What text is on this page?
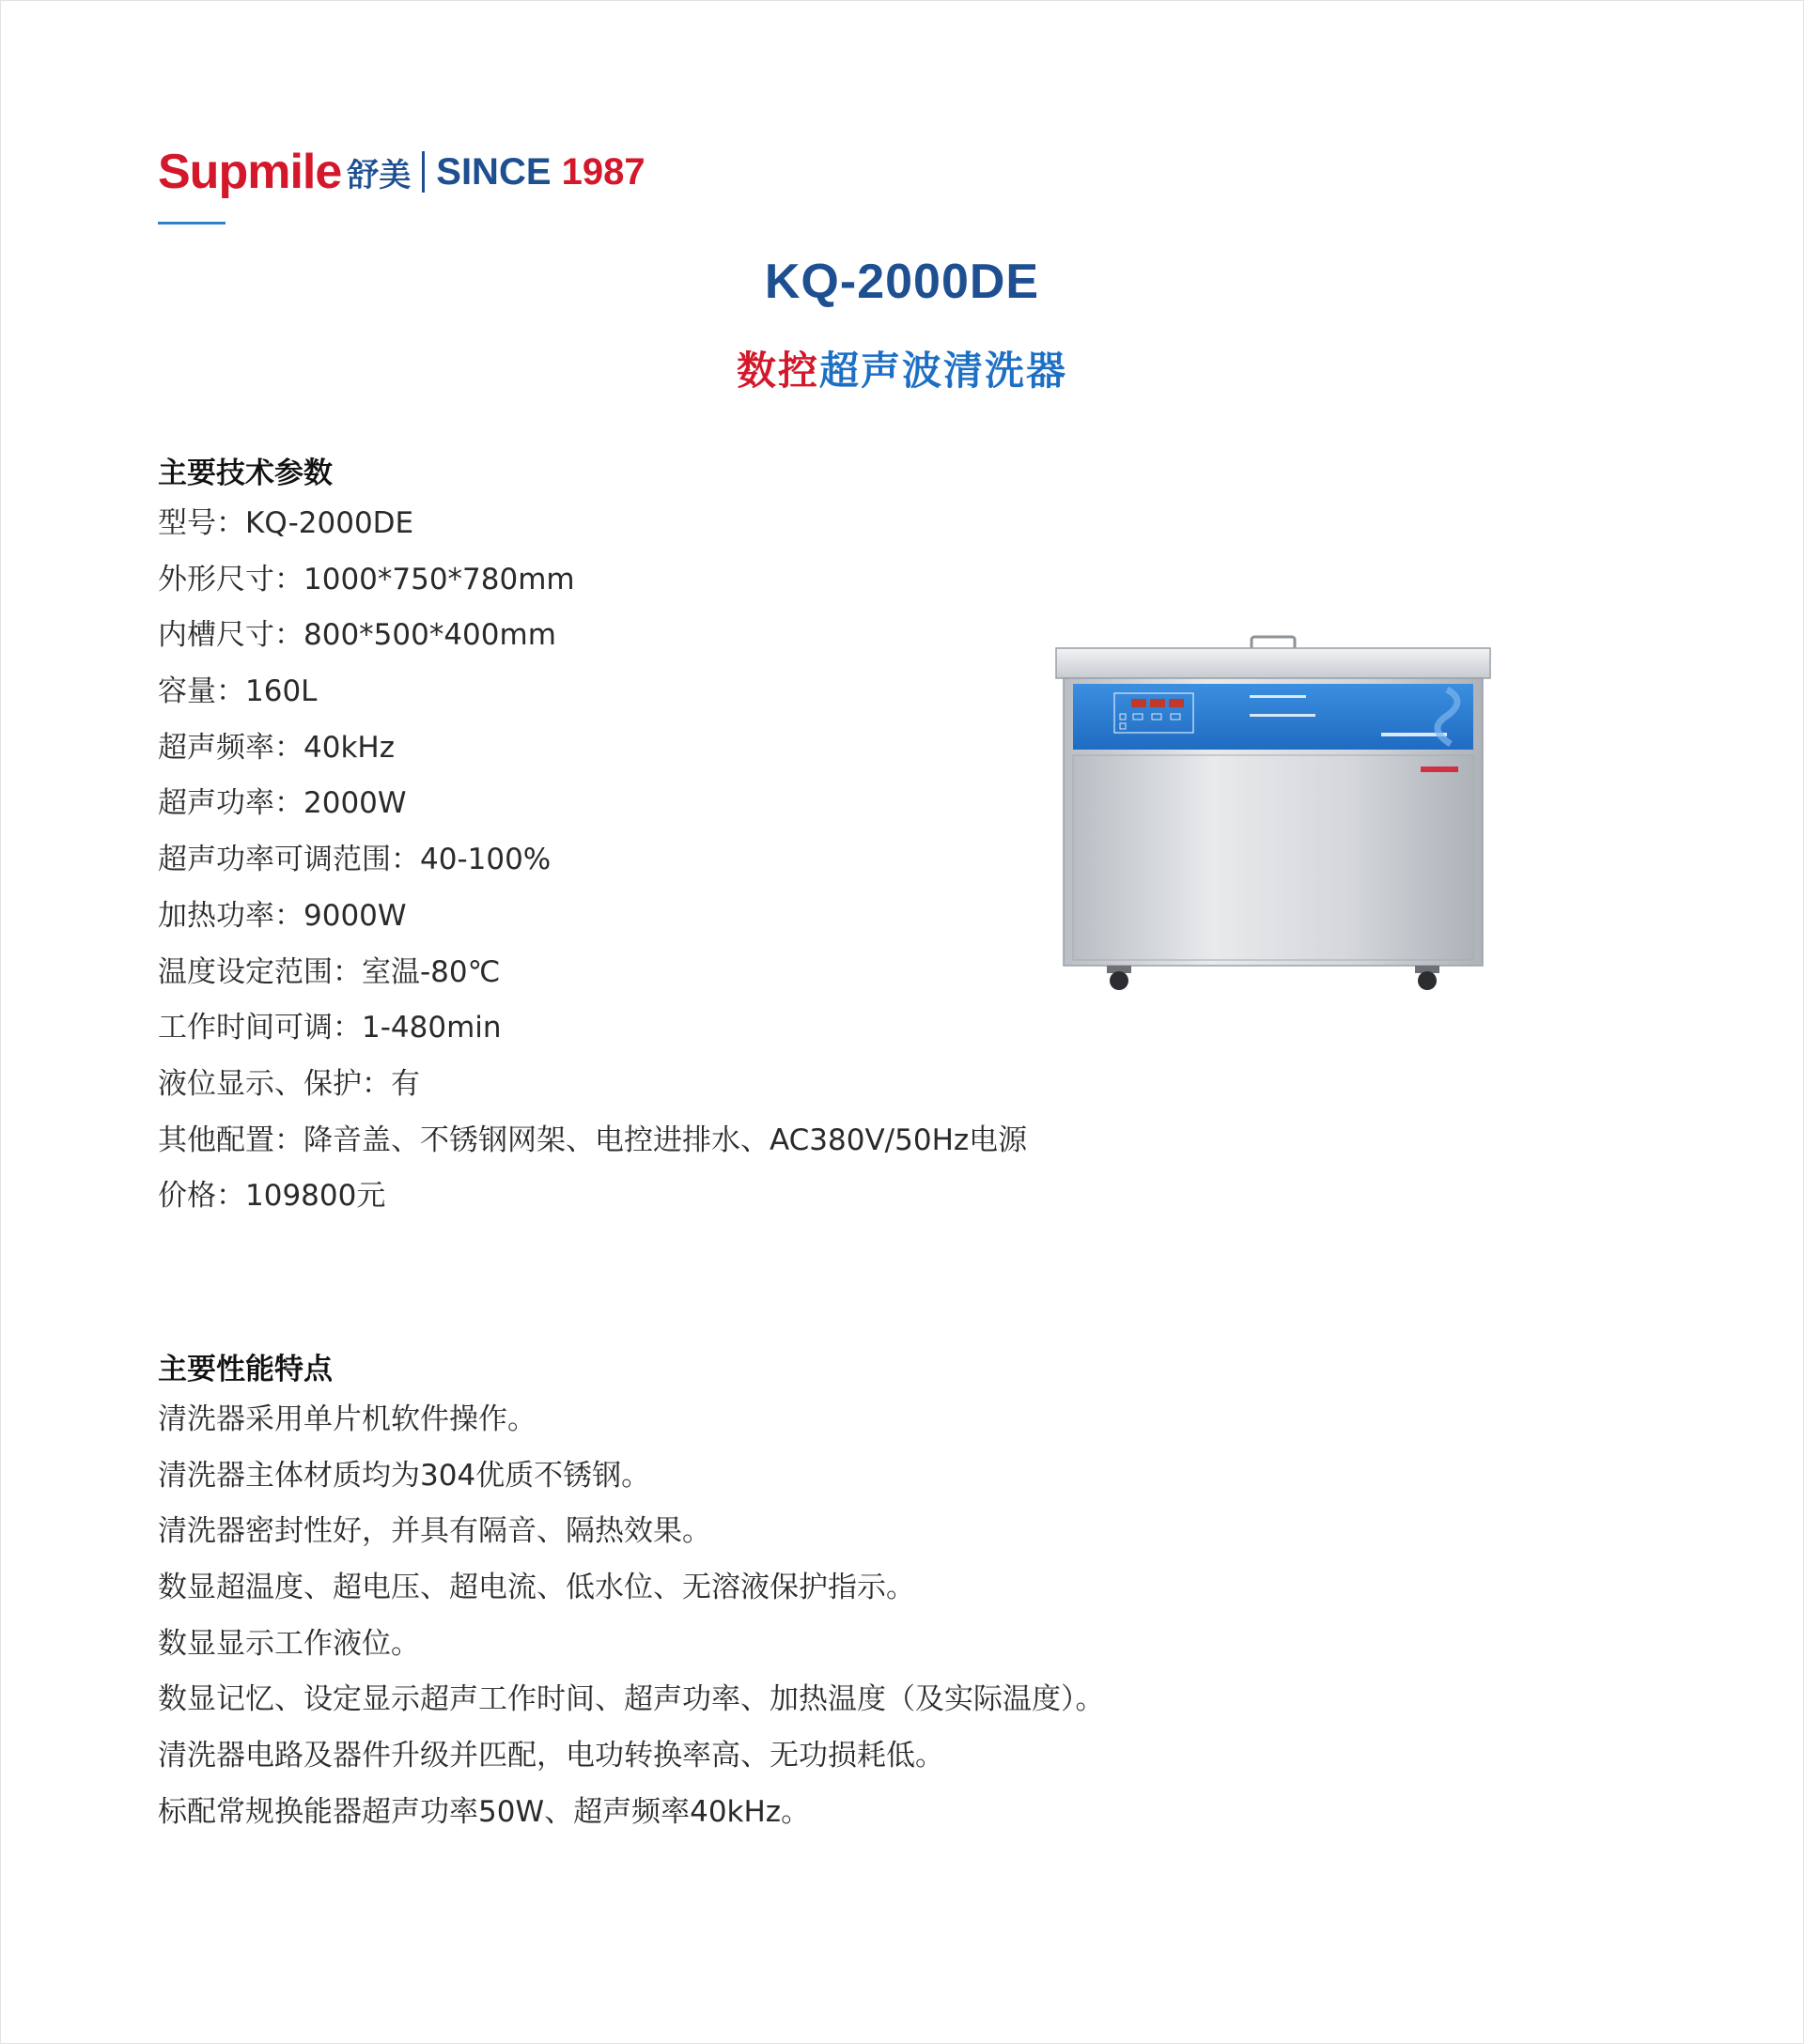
Supmile 舒美 SINCE 1987
KQ-2000DE
数控超声波清洗器
主要技术参数
型号：KQ-2000DE
外形尺寸：1000*750*780mm
内槽尺寸：800*500*400mm
容量：160L
超声频率：40kHz
超声功率：2000W
超声功率可调范围：40-100%
加热功率：9000W
温度设定范围：室温-80℃
工作时间可调：1-480min
液位显示、保护：有
其他配置：降音盖、不锈钢网架、电控进排水、AC380V/50Hz电源
价格：109800元
主要性能特点
清洗器采用单片机软件操作。
清洗器主体材质均为304优质不锈钢。
清洗器密封性好，并具有隔音、隔热效果。
数显超温度、超电压、超电流、低水位、无溶液保护指示。
数显显示工作液位。
数显记忆、设定显示超声工作时间、超声功率、加热温度（及实际温度）。
清洗器电路及器件升级并匹配，电功转换率高、无功损耗低。
标配常规换能器超声功率50W、超声频率40kHz。
